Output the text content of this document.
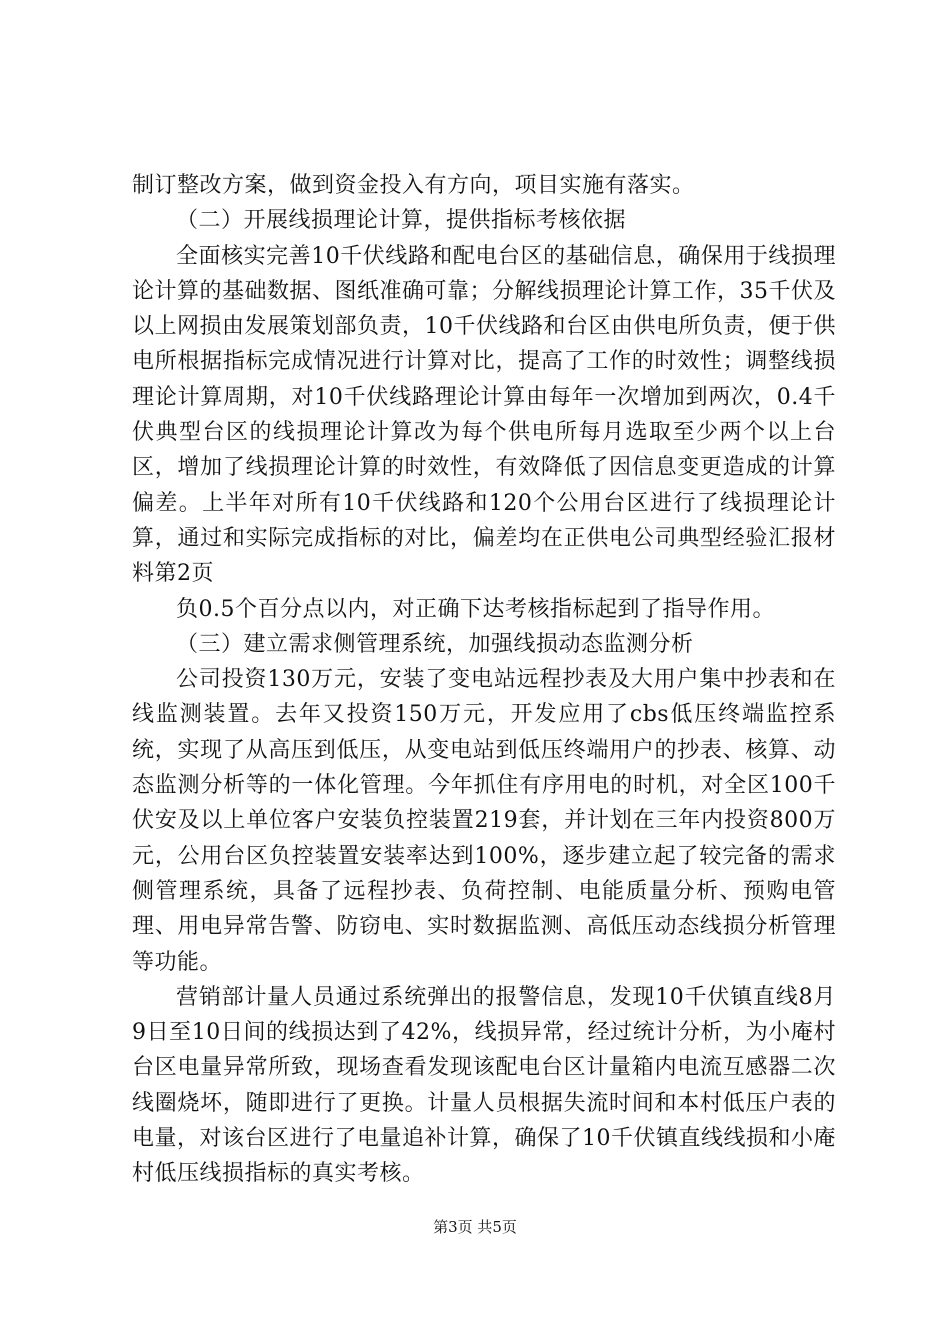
制订整改方案，做到资金投入有方向，项目实施有落实。

（二）开展线损理论计算，提供指标考核依据

全面核实完善10千伏线路和配电台区的基础信息，确保用于线损理论计算的基础数据、图纸准确可靠；分解线损理论计算工作，35千伏及以上网损由发展策划部负责，10千伏线路和台区由供电所负责，便于供电所根据指标完成情况进行计算对比，提高了工作的时效性；调整线损理论计算周期，对10千伏线路理论计算由每年一次增加到两次，0.4千伏典型台区的线损理论计算改为每个供电所每月选取至少两个以上台区，增加了线损理论计算的时效性，有效降低了因信息变更造成的计算偏差。上半年对所有10千伏线路和120个公用台区进行了线损理论计算，通过和实际完成指标的对比，偏差均在正供电公司典型经验汇报材料第2页

负0.5个百分点以内，对正确下达考核指标起到了指导作用。

（三）建立需求侧管理系统，加强线损动态监测分析

公司投资130万元，安装了变电站远程抄表及大用户集中抄表和在线监测装置。去年又投资150万元，开发应用了cbs低压终端监控系统，实现了从高压到低压，从变电站到低压终端用户的抄表、核算、动态监测分析等的一体化管理。今年抓住有序用电的时机，对全区100千伏安及以上单位客户安装负控装置219套，并计划在三年内投资800万元，公用台区负控装置安装率达到100%，逐步建立起了较完备的需求侧管理系统，具备了远程抄表、负荷控制、电能质量分析、预购电管理、用电异常告警、防窃电、实时数据监测、高低压动态线损分析管理等功能。

营销部计量人员通过系统弹出的报警信息，发现10千伏镇直线8月9日至10日间的线损达到了42%，线损异常，经过统计分析，为小庵村台区电量异常所致，现场查看发现该配电台区计量箱内电流互感器二次线圈烧坏，随即进行了更换。计量人员根据失流时间和本村低压户表的电量，对该台区进行了电量追补计算，确保了10千伏镇直线线损和小庵村低压线损指标的真实考核。

第3页 共5页
